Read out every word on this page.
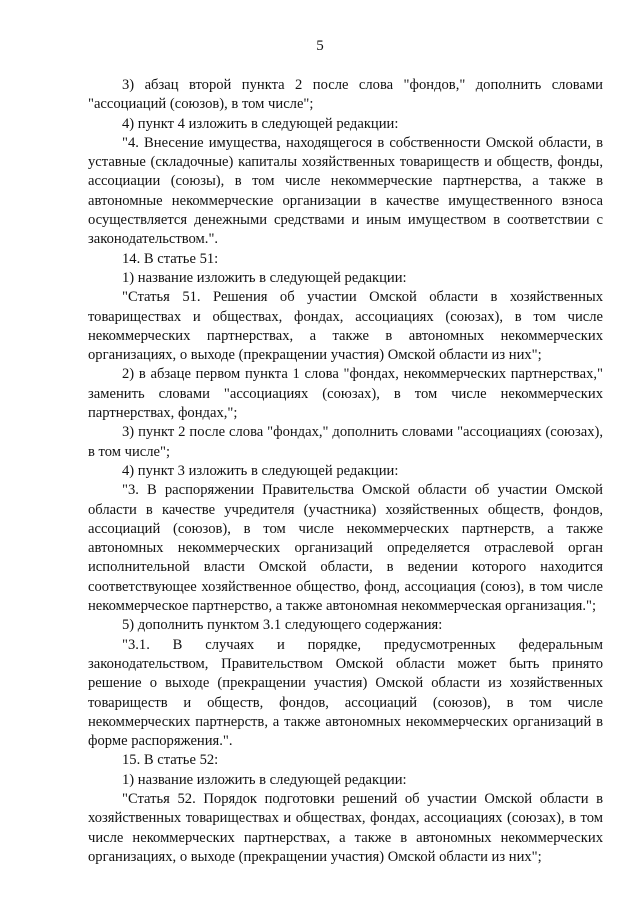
5

3) абзац второй пункта 2 после слова "фондов," дополнить словами "ассоциаций (союзов), в том числе";

4) пункт 4 изложить в следующей редакции:

"4. Внесение имущества, находящегося в собственности Омской области, в уставные (складочные) капиталы хозяйственных товариществ и обществ, фонды, ассоциации (союзы), в том числе некоммерческие партнерства, а также в автономные некоммерческие организации в качестве имущественного взноса осуществляется денежными средствами и иным имуществом в соответствии с законодательством.".

14. В статье 51:

1) название изложить в следующей редакции:

"Статья 51. Решения об участии Омской области в хозяйственных товариществах и обществах, фондах, ассоциациях (союзах), в том числе некоммерческих партнерствах, а также в автономных некоммерческих организациях, о выходе (прекращении участия) Омской области из них";

2) в абзаце первом пункта 1 слова "фондах, некоммерческих партнерствах," заменить словами "ассоциациях (союзах), в том числе некоммерческих партнерствах, фондах,";

3) пункт 2 после слова "фондах," дополнить словами "ассоциациях (союзах), в том числе";

4) пункт 3 изложить в следующей редакции:

"3. В распоряжении Правительства Омской области об участии Омской области в качестве учредителя (участника) хозяйственных обществ, фондов, ассоциаций (союзов), в том числе некоммерческих партнерств, а также автономных некоммерческих организаций определяется отраслевой орган исполнительной власти Омской области, в ведении которого находится соответствующее хозяйственное общество, фонд, ассоциация (союз), в том числе некоммерческое партнерство, а также автономная некоммерческая организация.";

5) дополнить пунктом 3.1 следующего содержания:

"3.1. В случаях и порядке, предусмотренных федеральным законодательством, Правительством Омской области может быть принято решение о выходе (прекращении участия) Омской области из хозяйственных товариществ и обществ, фондов, ассоциаций (союзов), в том числе некоммерческих партнерств, а также автономных некоммерческих организаций в форме распоряжения.".

15. В статье 52:

1) название изложить в следующей редакции:

"Статья 52. Порядок подготовки решений об участии Омской области в хозяйственных товариществах и обществах, фондах, ассоциациях (союзах), в том числе некоммерческих партнерствах, а также в автономных некоммерческих организациях, о выходе (прекращении участия) Омской области из них";
